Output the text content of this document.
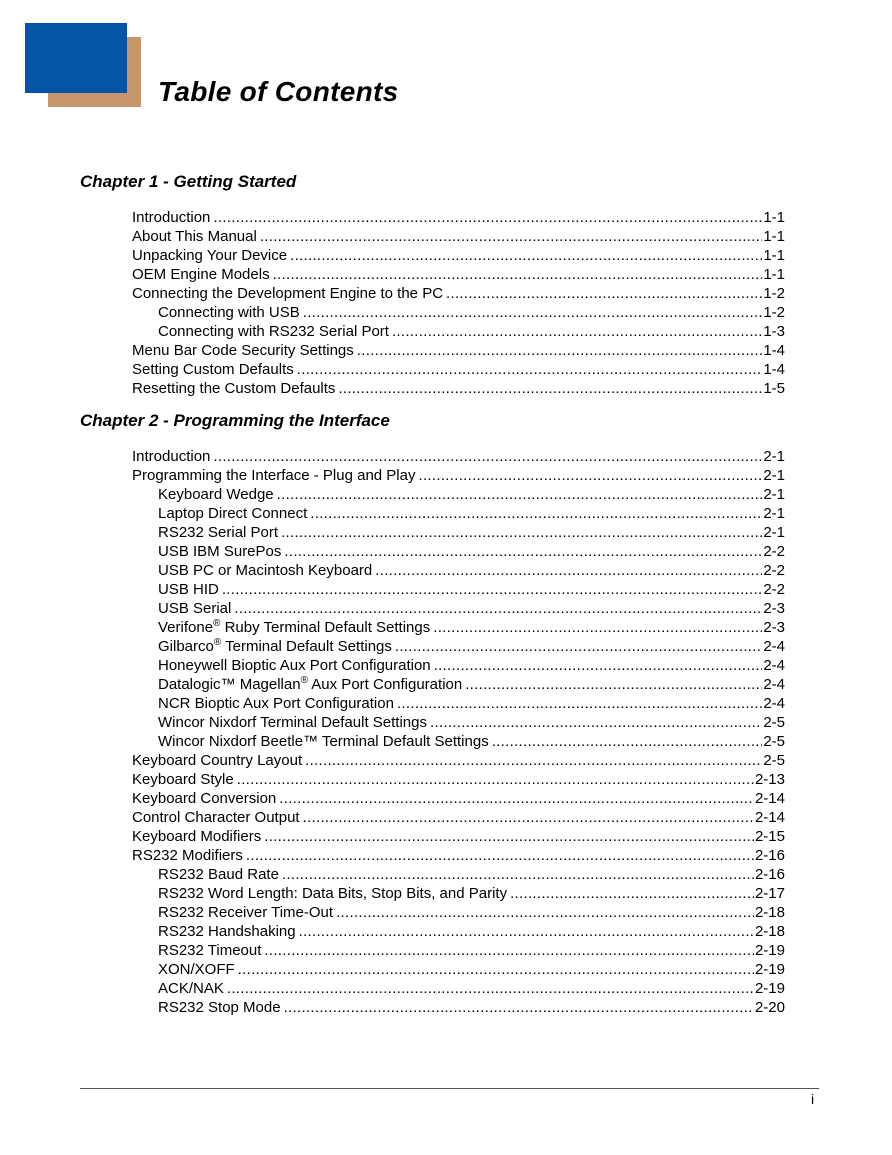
Table of Contents
Chapter 1 - Getting Started
Introduction .....	1-1
About This Manual .....	1-1
Unpacking Your Device .....	1-1
OEM Engine Models .....	1-1
Connecting the Development Engine to the PC .....	1-2
Connecting with USB .....	1-2
Connecting with RS232 Serial Port .....	1-3
Menu Bar Code Security Settings .....	1-4
Setting Custom Defaults .....	1-4
Resetting the Custom Defaults .....	1-5
Chapter 2 - Programming the Interface
Introduction .....	2-1
Programming the Interface - Plug and Play .....	2-1
Keyboard Wedge .....	2-1
Laptop Direct Connect .....	2-1
RS232 Serial Port .....	2-1
USB IBM SurePos .....	2-2
USB PC or Macintosh Keyboard .....	2-2
USB HID .....	2-2
USB Serial .....	2-3
Verifone® Ruby Terminal Default Settings .....	2-3
Gilbarco® Terminal Default Settings .....	2-4
Honeywell Bioptic Aux Port Configuration .....	2-4
Datalogic™ Magellan® Aux Port Configuration .....	2-4
NCR Bioptic Aux Port Configuration .....	2-4
Wincor Nixdorf Terminal Default Settings .....	2-5
Wincor Nixdorf Beetle™ Terminal Default Settings .....	2-5
Keyboard Country Layout .....	2-5
Keyboard Style .....	2-13
Keyboard Conversion .....	2-14
Control Character Output .....	2-14
Keyboard Modifiers .....	2-15
RS232 Modifiers .....	2-16
RS232 Baud Rate .....	2-16
RS232 Word Length: Data Bits, Stop Bits, and Parity .....	2-17
RS232 Receiver Time-Out .....	2-18
RS232 Handshaking .....	2-18
RS232 Timeout .....	2-19
XON/XOFF .....	2-19
ACK/NAK .....	2-19
RS232 Stop Mode .....	2-20

i
